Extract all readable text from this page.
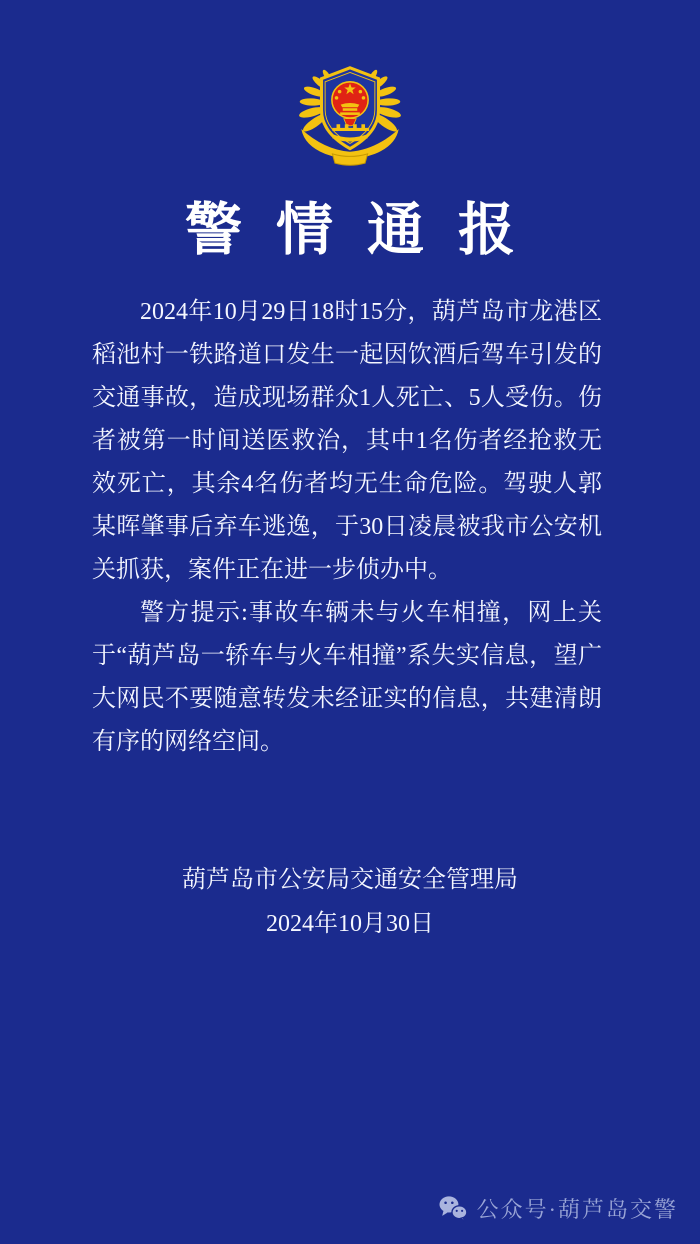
警情通报

2024年10月29日18时15分，葫芦岛市龙港区稻池村一铁路道口发生一起因饮酒后驾车引发的交通事故，造成现场群众1人死亡、5人受伤。伤者被第一时间送医救治，其中1名伤者经抢救无效死亡，其余4名伤者均无生命危险。驾驶人郭某晖肇事后弃车逃逸，于30日凌晨被我市公安机关抓获，案件正在进一步侦办中。

警方提示:事故车辆未与火车相撞，网上关于“葫芦岛一轿车与火车相撞”系失实信息，望广大网民不要随意转发未经证实的信息，共建清朗有序的网络空间。

葫芦岛市公安局交通安全管理局
2024年10月30日
公众号·葫芦岛交警
